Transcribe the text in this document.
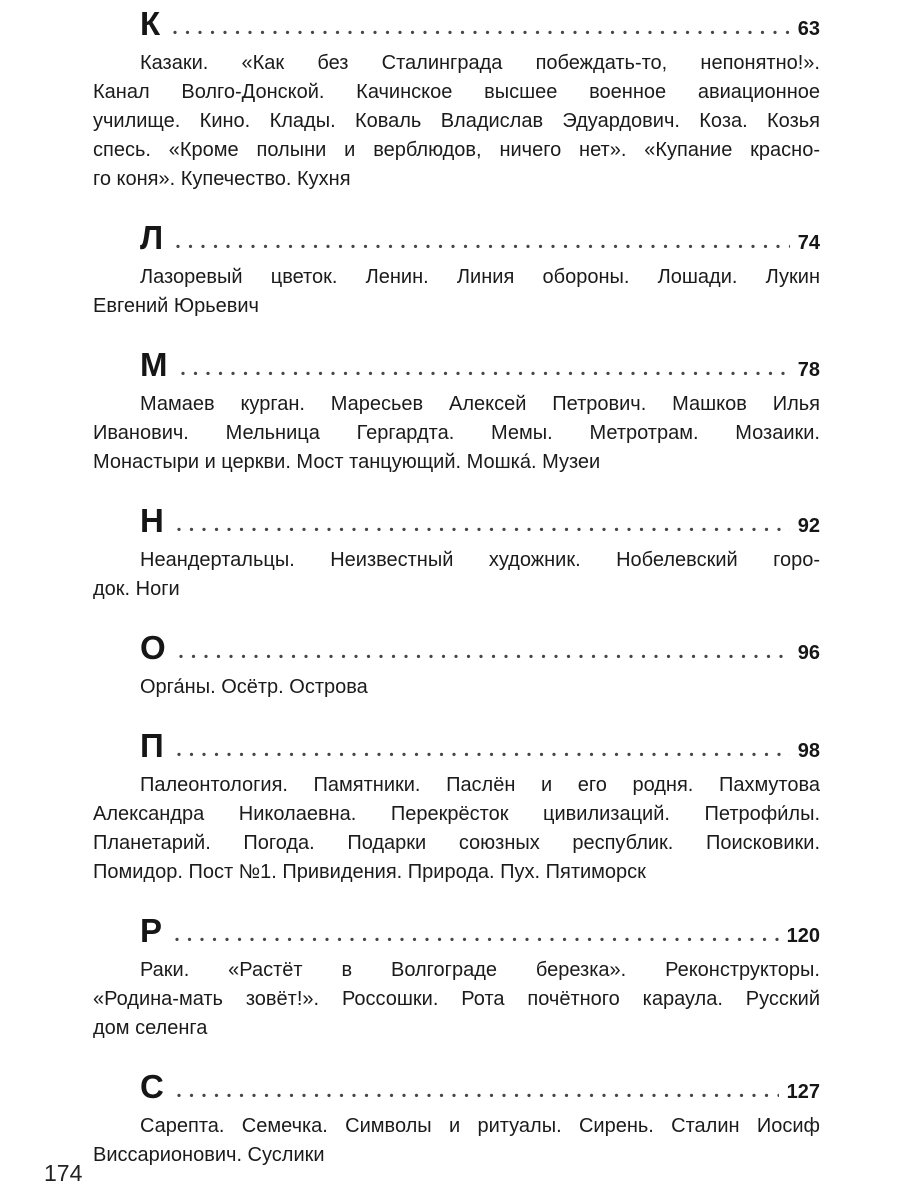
К	63
Казаки. «Как без Сталинграда побеждать-то, непонятно!».
Канал Волго-Донской. Качинское высшее военное авиационное
училище. Кино. Клады. Коваль Владислав Эдуардович. Коза. Козья
спесь. «Кроме полыни и верблюдов, ничего нет». «Купание красно-
го коня». Купечество. Кухня
Л	74
Лазоревый цветок. Ленин. Линия обороны. Лошади. Лукин
Евгений Юрьевич
М	78
Мамаев курган. Маресьев Алексей Петрович. Машков Илья
Иванович. Мельница Гергардта. Мемы. Метротрам. Мозаики.
Монастыри и церкви. Мост танцующий. Мошка́. Музеи
Н	92
Неандертальцы. Неизвестный художник. Нобелевский горо-
док. Ноги
О	96
Орга́ны. Осётр. Острова
П	98
Палеонтология. Памятники. Паслён и его родня. Пахмутова
Александра Николаевна. Перекрёсток цивилизаций. Петрофи́лы.
Планетарий. Погода. Подарки союзных республик. Поисковики.
Помидор. Пост №1. Привидения. Природа. Пух. Пятиморск
Р	120
Раки. «Растёт в Волгограде березка». Реконструкторы.
«Родина-мать зовёт!». Россошки. Рота почётного караула. Русский
дом селенга
С	127
Сарепта. Семечка. Символы и ритуалы. Сирень. Сталин Иосиф
Виссарионович. Суслики
174
